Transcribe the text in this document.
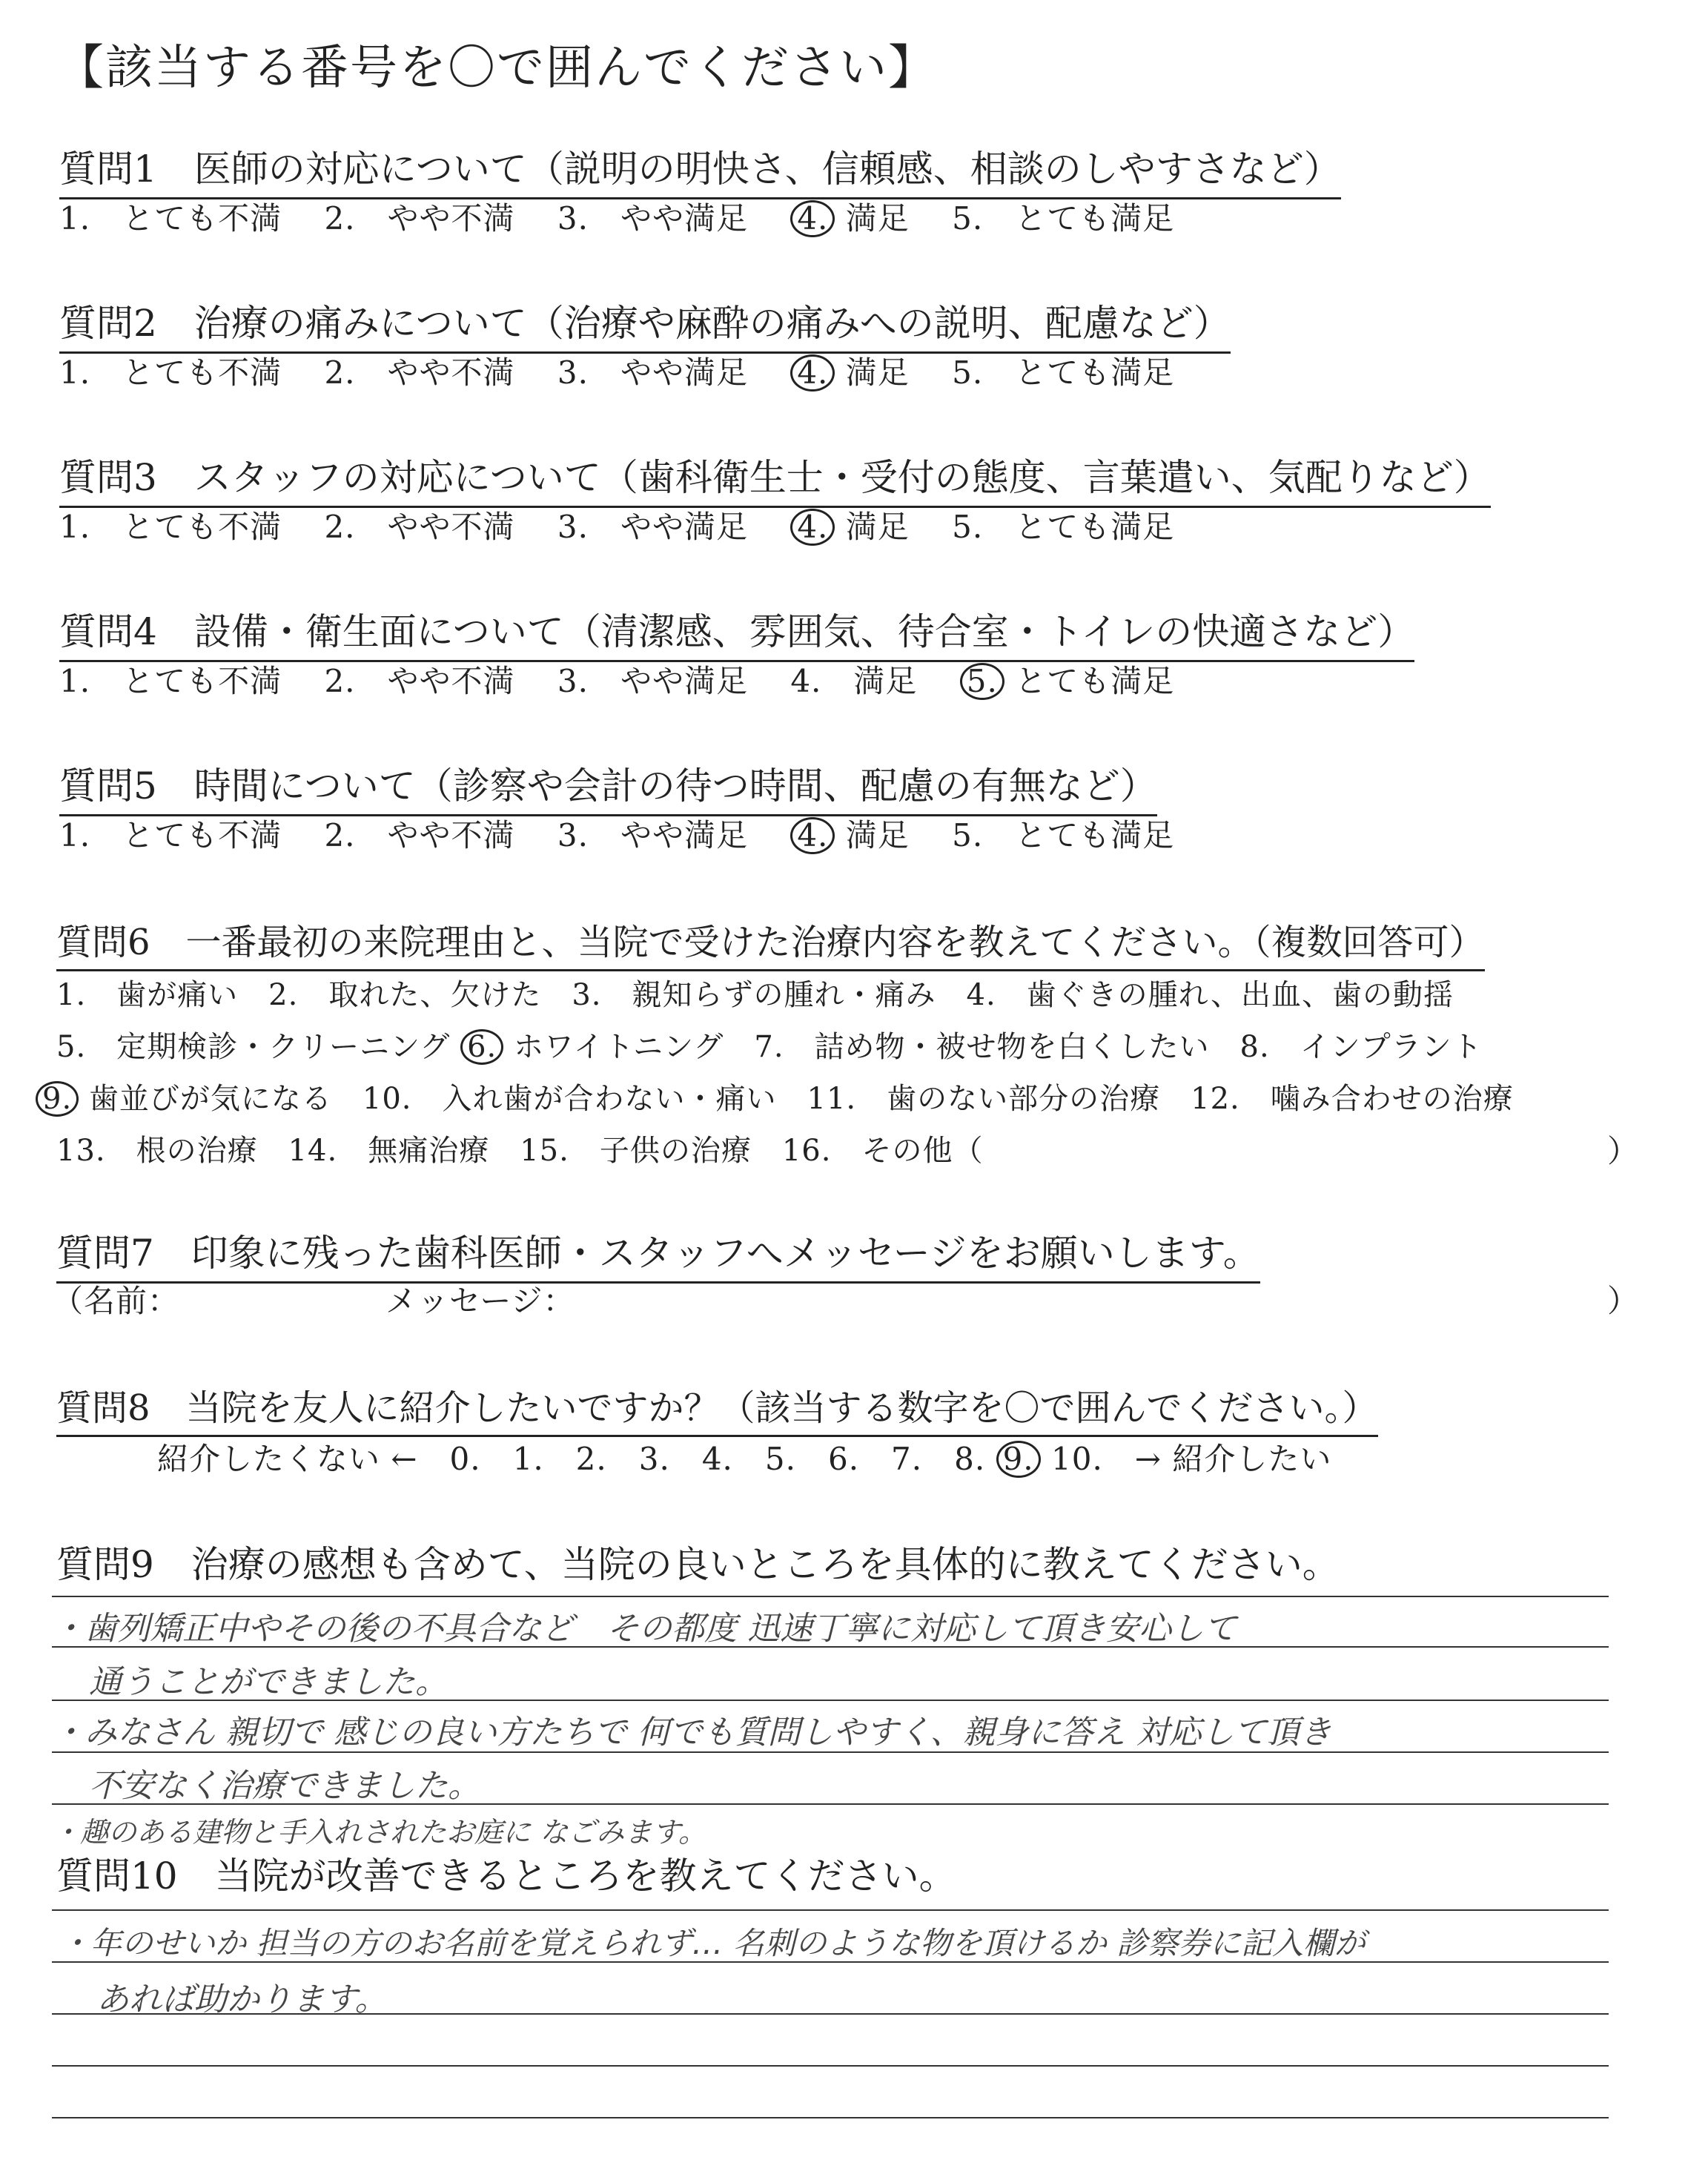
【該当する番号を〇で囲んでください】
質問1　医師の対応について（説明の明快さ、信頼感、相談のしやすさなど）
1.　とても不満　 2.　やや不満　 3.　やや満足　 4. 満足　 5.　とても満足
質問2　治療の痛みについて（治療や麻酔の痛みへの説明、配慮など）
1.　とても不満　 2.　やや不満　 3.　やや満足　 4. 満足　 5.　とても満足
質問3　スタッフの対応について（歯科衛生士・受付の態度、言葉遣い、気配りなど）
1.　とても不満　 2.　やや不満　 3.　やや満足　 4. 満足　 5.　とても満足
質問4　設備・衛生面について（清潔感、雰囲気、待合室・トイレの快適さなど）
1.　とても不満　 2.　やや不満　 3.　やや満足　 4.　満足　 5. とても満足
質問5　時間について（診察や会計の待つ時間、配慮の有無など）
1.　とても不満　 2.　やや不満　 3.　やや満足　 4. 満足　 5.　とても満足
質問6　一番最初の来院理由と、当院で受けた治療内容を教えてください。（複数回答可）
1.　歯が痛い　2.　取れた、欠けた　3.　親知らずの腫れ・痛み　4.　歯ぐきの腫れ、出血、歯の動揺
5.　定期検診・クリーニング 6. ホワイトニング　7.　詰め物・被せ物を白くしたい　8.　インプラント
9. 歯並びが気になる　10.　入れ歯が合わない・痛い　11.　歯のない部分の治療　12.　噛み合わせの治療
13.　根の治療　14.　無痛治療　15.　子供の治療　16.　その他（	）
質問7　印象に残った歯科医師・スタッフへメッセージをお願いします。
（名前：	メッセージ：	）
質問8　当院を友人に紹介したいですか？（該当する数字を〇で囲んでください。）
紹介したくない ←　0.　1.　2.　3.　4.　5.　6.　7.　8. 9. 10.　→ 紹介したい
質問9　治療の感想も含めて、当院の良いところを具体的に教えてください。
・歯列矯正中やその後の不具合など　その都度 迅速丁寧に対応して頂き安心して
通うことができました。
・みなさん 親切で 感じの良い方たちで 何でも質問しやすく、親身に答え 対応して頂き
不安なく治療できました。
・趣のある建物と手入れされたお庭に なごみます。
質問10　当院が改善できるところを教えてください。
・年のせいか 担当の方のお名前を覚えられず… 名刺のような物を頂けるか 診察券に記入欄が
あれば助かります。
